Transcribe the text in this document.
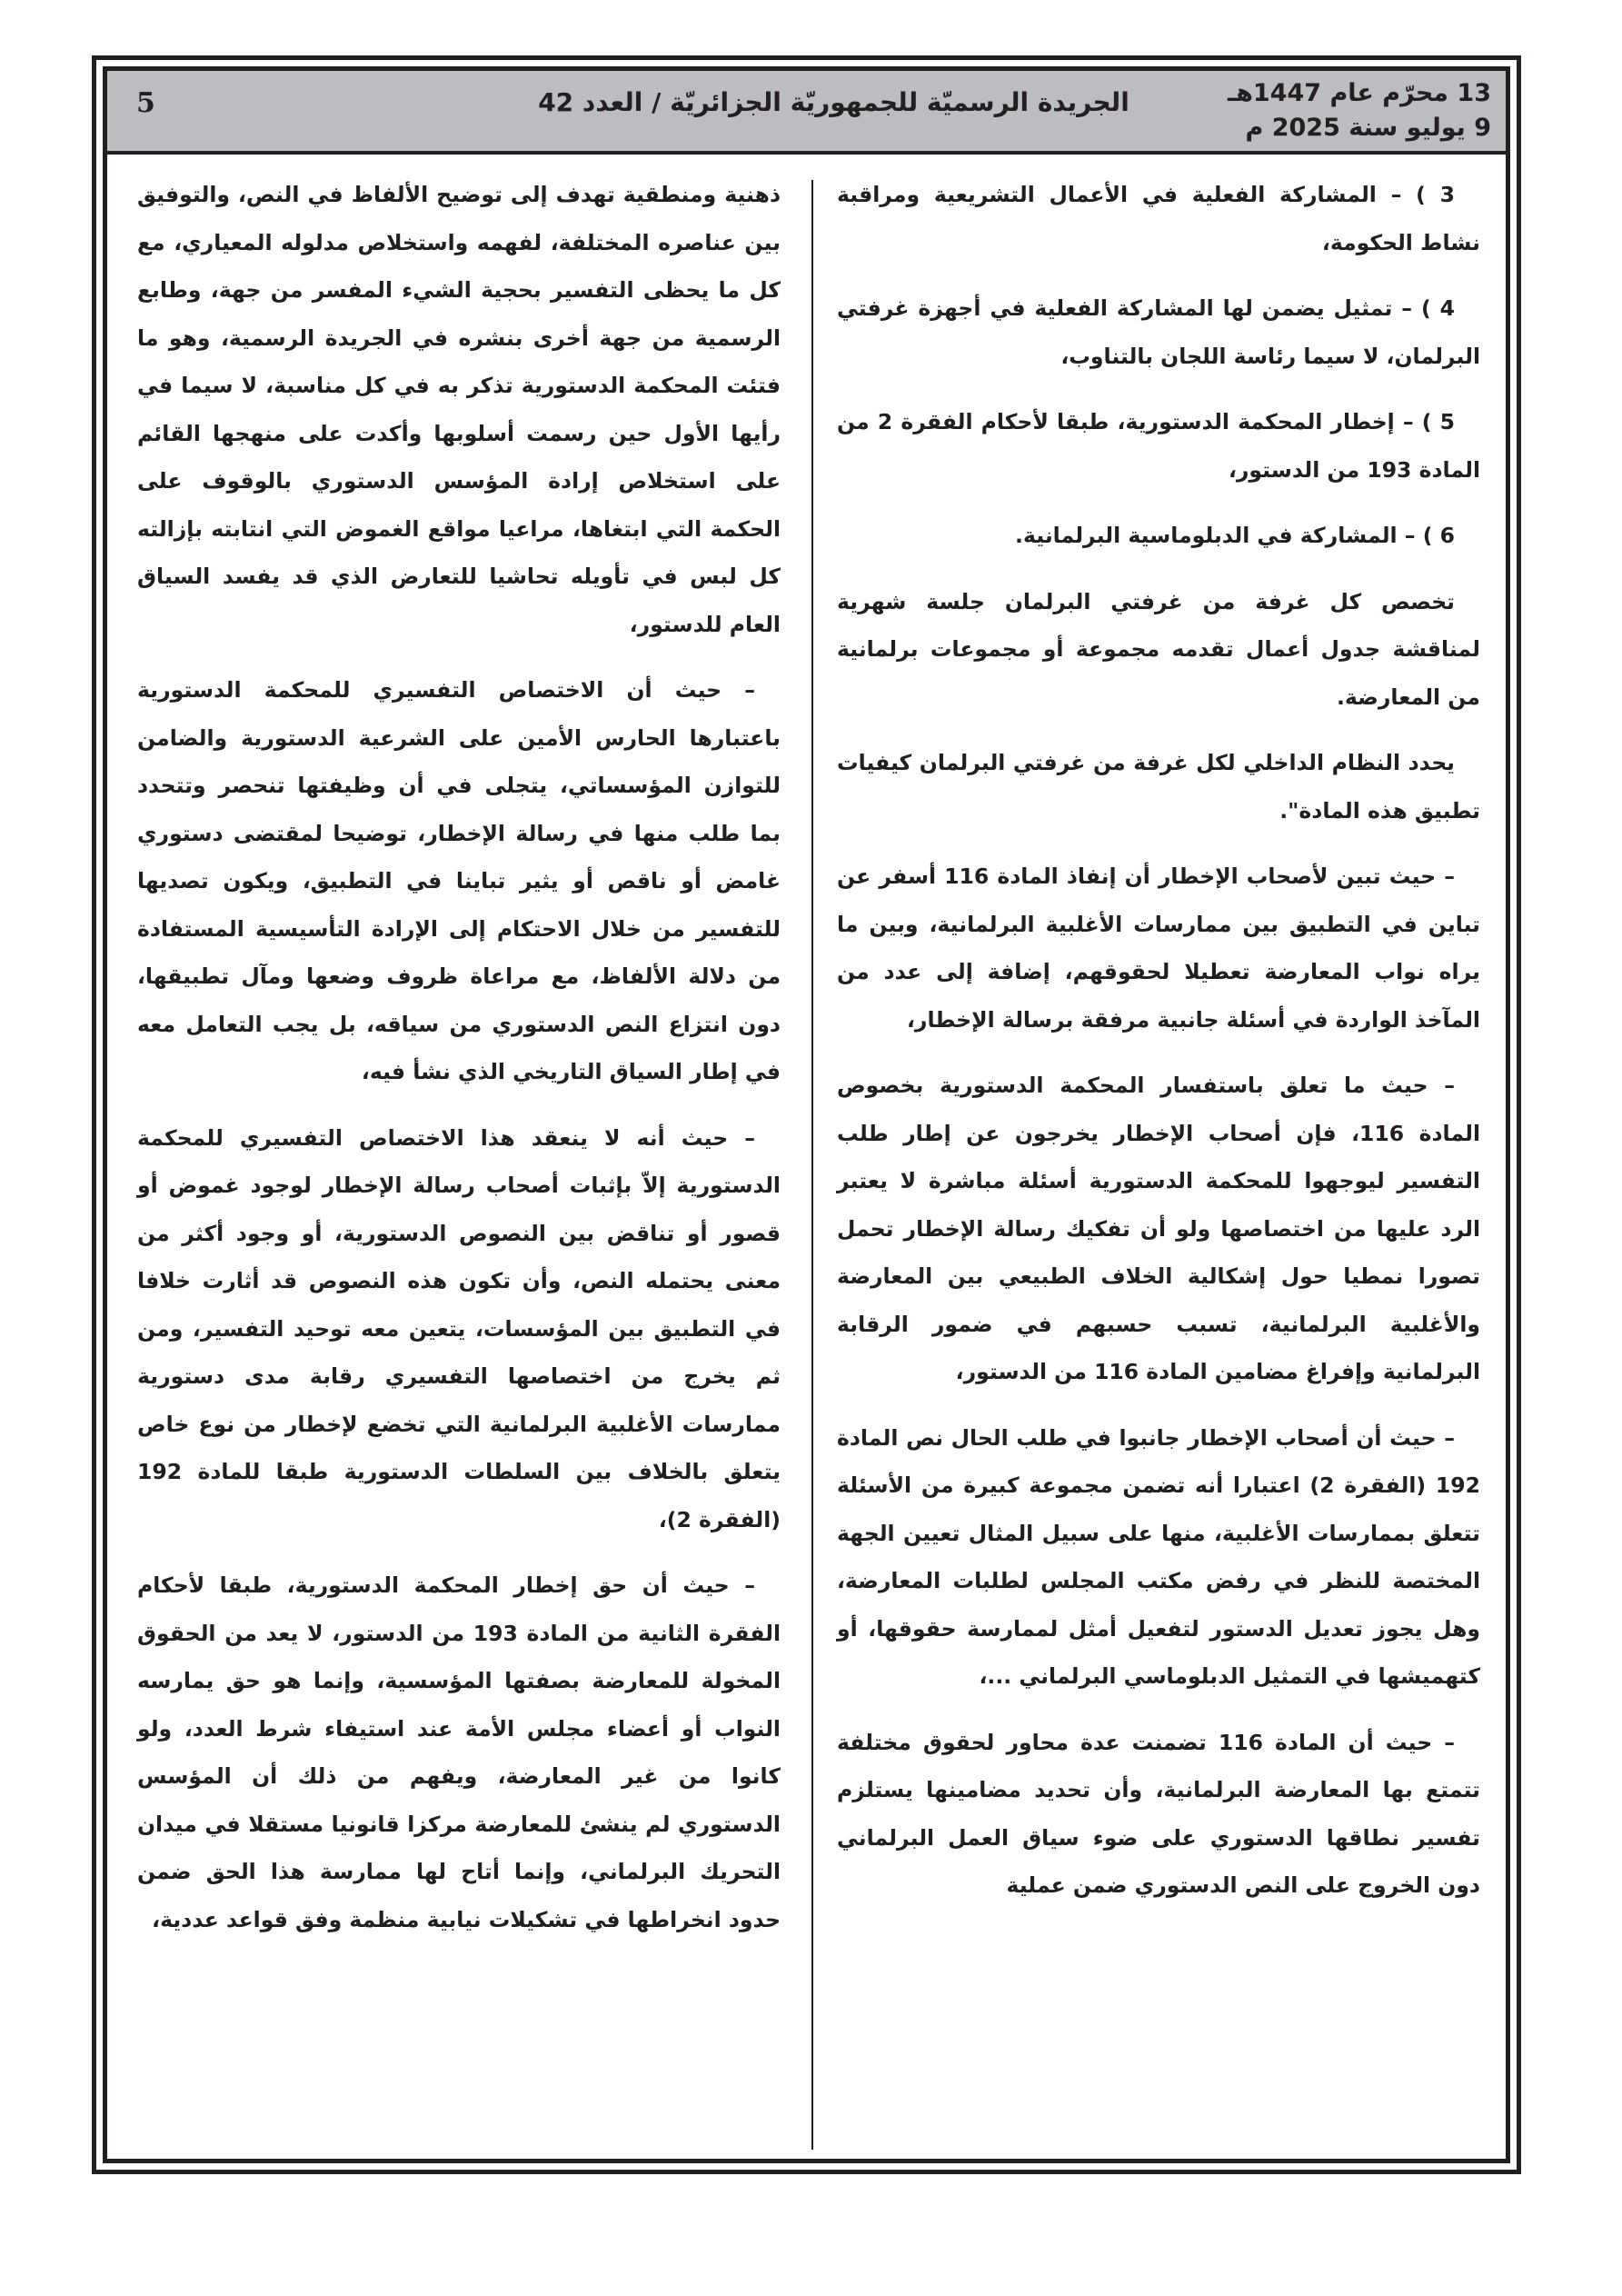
5	الجريدة الرسميّة للجمهوريّة الجزائريّة / العدد 42	13 محرّم عام 1447هـ
9 يوليو سنة 2025 م

3 ) – المشاركة الفعلية في الأعمال التشريعية ومراقبة نشاط الحكومة،

4 ) – تمثيل يضمن لها المشاركة الفعلية في أجهزة غرفتي البرلمان، لا سيما رئاسة اللجان بالتناوب،

5 ) – إخطار المحكمة الدستورية، طبقا لأحكام الفقرة 2 من المادة 193 من الدستور،

6 ) – المشاركة في الدبلوماسية البرلمانية.

تخصص كل غرفة من غرفتي البرلمان جلسة شهرية لمناقشة جدول أعمال تقدمه مجموعة أو مجموعات برلمانية من المعارضة.

يحدد النظام الداخلي لكل غرفة من غرفتي البرلمان كيفيات تطبيق هذه المادة".

– حيث تبين لأصحاب الإخطار أن إنفاذ المادة 116 أسفر عن تباين في التطبيق بين ممارسات الأغلبية البرلمانية، وبين ما يراه نواب المعارضة تعطيلا لحقوقهم، إضافة إلى عدد من المآخذ الواردة في أسئلة جانبية مرفقة برسالة الإخطار،

– حيث ما تعلق باستفسار المحكمة الدستورية بخصوص المادة 116، فإن أصحاب الإخطار يخرجون عن إطار طلب التفسير ليوجهوا للمحكمة الدستورية أسئلة مباشرة لا يعتبر الرد عليها من اختصاصها ولو أن تفكيك رسالة الإخطار تحمل تصورا نمطيا حول إشكالية الخلاف الطبيعي بين المعارضة والأغلبية البرلمانية، تسبب حسبهم في ضمور الرقابة البرلمانية وإفراغ مضامين المادة 116 من الدستور،

– حيث أن أصحاب الإخطار جانبوا في طلب الحال نص المادة 192 (الفقرة 2) اعتبارا أنه تضمن مجموعة كبيرة من الأسئلة تتعلق بممارسات الأغلبية، منها على سبيل المثال تعيين الجهة المختصة للنظر في رفض مكتب المجلس لطلبات المعارضة، وهل يجوز تعديل الدستور لتفعيل أمثل لممارسة حقوقها، أو كتهميشها في التمثيل الدبلوماسي البرلماني ...،

– حيث أن المادة 116 تضمنت عدة محاور لحقوق مختلفة تتمتع بها المعارضة البرلمانية، وأن تحديد مضامينها يستلزم تفسير نطاقها الدستوري على ضوء سياق العمل البرلماني دون الخروج على النص الدستوري ضمن عملية

ذهنية ومنطقية تهدف إلى توضيح الألفاظ في النص، والتوفيق بين عناصره المختلفة، لفهمه واستخلاص مدلوله المعياري، مع كل ما يحظى التفسير بحجية الشيء المفسر من جهة، وطابع الرسمية من جهة أخرى بنشره في الجريدة الرسمية، وهو ما فتئت المحكمة الدستورية تذكر به في كل مناسبة، لا سيما في رأيها الأول حين رسمت أسلوبها وأكدت على منهجها القائم على استخلاص إرادة المؤسس الدستوري بالوقوف على الحكمة التي ابتغاها، مراعيا مواقع الغموض التي انتابته بإزالته كل لبس في تأويله تحاشيا للتعارض الذي قد يفسد السياق العام للدستور،

– حيث أن الاختصاص التفسيري للمحكمة الدستورية باعتبارها الحارس الأمين على الشرعية الدستورية والضامن للتوازن المؤسساتي، يتجلى في أن وظيفتها تنحصر وتتحدد بما طلب منها في رسالة الإخطار، توضيحا لمقتضى دستوري غامض أو ناقص أو يثير تباينا في التطبيق، ويكون تصديها للتفسير من خلال الاحتكام إلى الإرادة التأسيسية المستفادة من دلالة الألفاظ، مع مراعاة ظروف وضعها ومآل تطبيقها، دون انتزاع النص الدستوري من سياقه، بل يجب التعامل معه في إطار السياق التاريخي الذي نشأ فيه،

– حيث أنه لا ينعقد هذا الاختصاص التفسيري للمحكمة الدستورية إلاّ بإثبات أصحاب رسالة الإخطار لوجود غموض أو قصور أو تناقض بين النصوص الدستورية، أو وجود أكثر من معنى يحتمله النص، وأن تكون هذه النصوص قد أثارت خلافا في التطبيق بين المؤسسات، يتعين معه توحيد التفسير، ومن ثم يخرج من اختصاصها التفسيري رقابة مدى دستورية ممارسات الأغلبية البرلمانية التي تخضع لإخطار من نوع خاص يتعلق بالخلاف بين السلطات الدستورية طبقا للمادة 192 (الفقرة 2)،

– حيث أن حق إخطار المحكمة الدستورية، طبقا لأحكام الفقرة الثانية من المادة 193 من الدستور، لا يعد من الحقوق المخولة للمعارضة بصفتها المؤسسية، وإنما هو حق يمارسه النواب أو أعضاء مجلس الأمة عند استيفاء شرط العدد، ولو كانوا من غير المعارضة، ويفهم من ذلك أن المؤسس الدستوري لم ينشئ للمعارضة مركزا قانونيا مستقلا في ميدان التحريك البرلماني، وإنما أتاح لها ممارسة هذا الحق ضمن حدود انخراطها في تشكيلات نيابية منظمة وفق قواعد عددية،
